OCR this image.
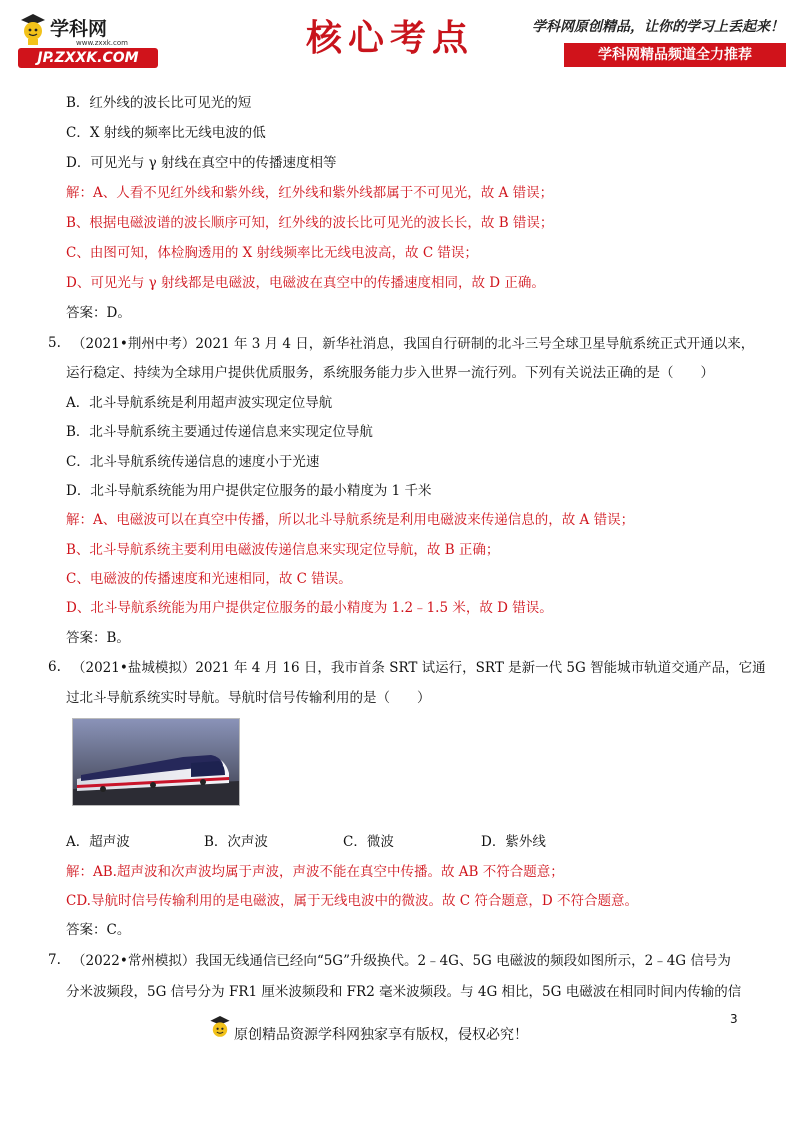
学科网
www.zxxk.com
JP.ZXXK.COM	核心考点	学科网原创精品，让你的学习上丢起来！
学科网精品频道全力推荐
B．红外线的波长比可见光的短
C．X 射线的频率比无线电波的低
D．可见光与 γ 射线在真空中的传播速度相等
解：A、人看不见红外线和紫外线，红外线和紫外线都属于不可见光，故 A 错误；
B、根据电磁波谱的波长顺序可知，红外线的波长比可见光的波长长，故 B 错误；
C、由图可知，体检胸透用的 X 射线频率比无线电波高，故 C 错误；
D、可见光与 γ 射线都是电磁波，电磁波在真空中的传播速度相同，故 D 正确。
答案：D。
5. （2021•荆州中考）2021 年 3 月 4 日，新华社消息，我国自行研制的北斗三号全球卫星导航系统正式开通以来，
运行稳定、持续为全球用户提供优质服务，系统服务能力步入世界一流行列。下列有关说法正确的是（　　）
A．北斗导航系统是利用超声波实现定位导航
B．北斗导航系统主要通过传递信息来实现定位导航
C．北斗导航系统传递信息的速度小于光速
D．北斗导航系统能为用户提供定位服务的最小精度为 1 千米
解：A、电磁波可以在真空中传播，所以北斗导航系统是利用电磁波来传递信息的，故 A 错误；
B、北斗导航系统主要利用电磁波传递信息来实现定位导航，故 B 正确；
C、电磁波的传播速度和光速相同，故 C 错误。
D、北斗导航系统能为用户提供定位服务的最小精度为 1.2﹣1.5 米，故 D 错误。
答案：B。
6. （2021•盐城模拟）2021 年 4 月 16 日，我市首条 SRT 试运行，SRT 是新一代 5G 智能城市轨道交通产品，它通
过北斗导航系统实时导航。导航时信号传输利用的是（　　）
A．超声波	B．次声波	C．微波	D．紫外线
解：AB.超声波和次声波均属于声波，声波不能在真空中传播。故 AB 不符合题意；
CD.导航时信号传输利用的是电磁波，属于无线电波中的微波。故 C 符合题意，D 不符合题意。
答案：C。
7. （2022•常州模拟）我国无线通信已经向“5G”升级换代。2﹣4G、5G 电磁波的频段如图所示，2﹣4G 信号为
分米波频段，5G 信号分为 FR1 厘米波频段和 FR2 毫米波频段。与 4G 相比，5G 电磁波在相同时间内传输的信
3
原创精品资源学科网独家享有版权，侵权必究！
